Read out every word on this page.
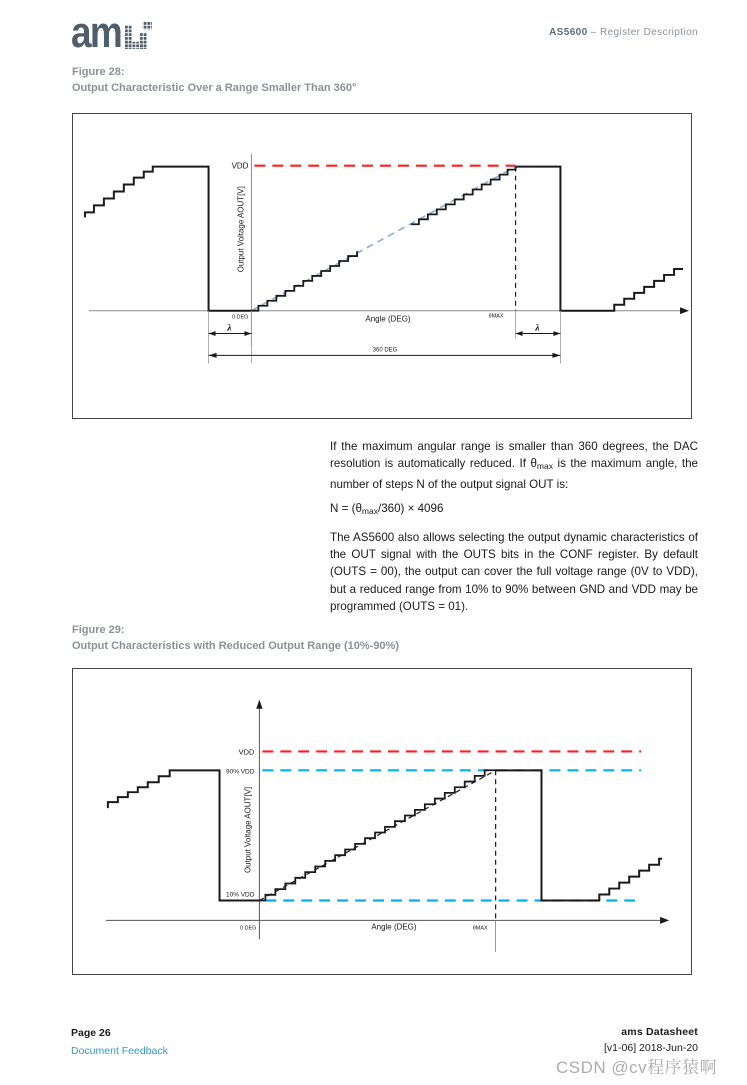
am	AS5600 – Register Description
Figure 28:
Output Characteristic Over a Range Smaller Than 360°
VDD
Output Voltage AOUT[V]
0 DEG	Angle (DEG)	θMAX
λ	λ
360 DEG
If the maximum angular range is smaller than 360 degrees, the DAC resolution is automatically reduced. If $\theta_{max}$ is the maximum angle, the number of steps N of the output signal OUT is:
$N = (\theta_{max}/360) \times 4096$
The AS5600 also allows selecting the output dynamic characteristics of the OUT signal with the OUTS bits in the CONF register. By default (OUTS = 00), the output can cover the full voltage range (0V to VDD), but a reduced range from 10% to 90% between GND and VDD may be programmed (OUTS = 01).
Figure 29:
Output Characteristics with Reduced Output Range (10%-90%)
VDD
90% VDD
10% VDD
Output Voltage AOUT[V]
0 DEG	Angle (DEG)	θMAX
Page 26
Document Feedback
ams Datasheet
[v1-06] 2018-Jun-20
CSDN @cv程序猿啊
